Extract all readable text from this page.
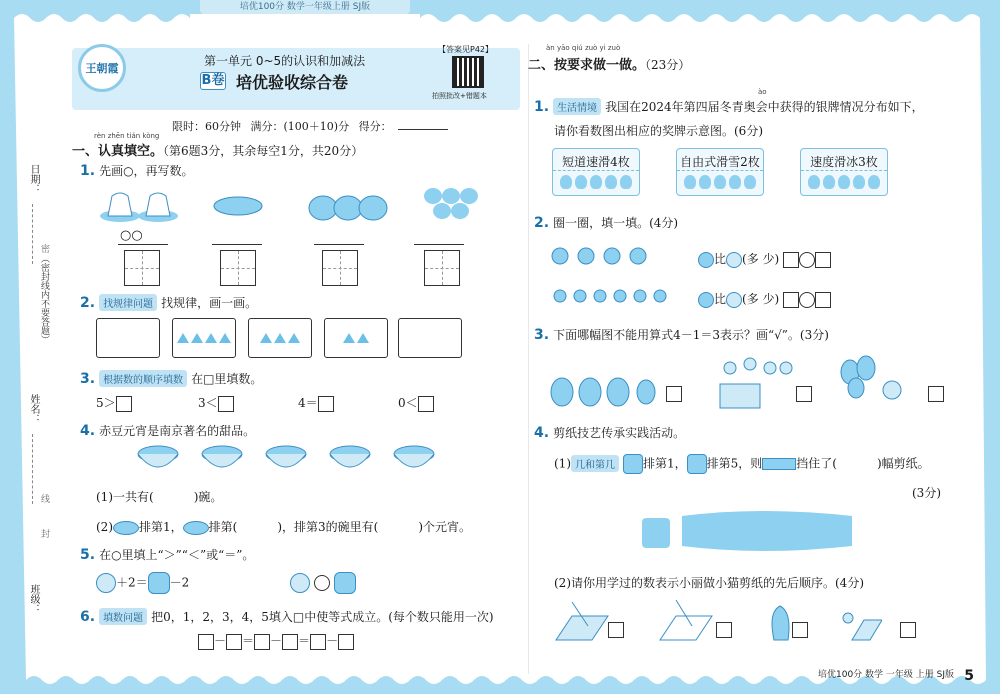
培优100分 数学一年级上册 SJ版
日期：
（密封线内不要答题）
密
姓名：
封
班级：
线
王朝霞
第一单元 0~5的认识和加减法
B卷 培优验收综合卷
【答案见P42】
拍照批改+错题本
限时：60分钟 满分：(100＋10)分 得分：
rèn zhēn tián kòng
一、认真填空。（第6题3分，其余每空1分，共20分）
1. 先画○，再写数。
○○
2. 找规律问题 找规律，画一画。
3. 根据数的顺序填数 在□里填数。
5＞	3＜	4＝	0＜
4. 赤豆元宵是南京著名的甜品。
(1)一共有(	)碗。
(2) 排第1， 排第(	)，排第3的碗里有(	)个元宵。
5. 在○里填上“＞”“＜”或“＝”。
＋2＝ －2

6. 填数问题 把0，1，2，3，4，5填入□中使等式成立。(每个数只能用一次)
－ ＝ － ＝ －
àn yāo qiú zuò yi zuò
二、按要求做一做。（23分）
ào
1. 生活情境 我国在2024年第四届冬青奥会中获得的银牌情况分布如下，
请你看数图出相应的奖牌示意图。(6分)
短道速滑4枚	自由式滑雪2枚	速度滑冰3枚
2. 圈一圈，填一填。(4分)
比 (多 少)
比 (多 少)
3. 下面哪幅图不能用算式4－1＝3表示？画“√”。(3分)
4. 剪纸技艺传承实践活动。
(1) 几和第几 排第1， 排第5，则	挡住了(	)幅剪纸。
(3分)
(2)请你用学过的数表示小丽做小猫剪纸的先后顺序。(4分)
培优100分 数学 一年级 上册 SJ版 5
